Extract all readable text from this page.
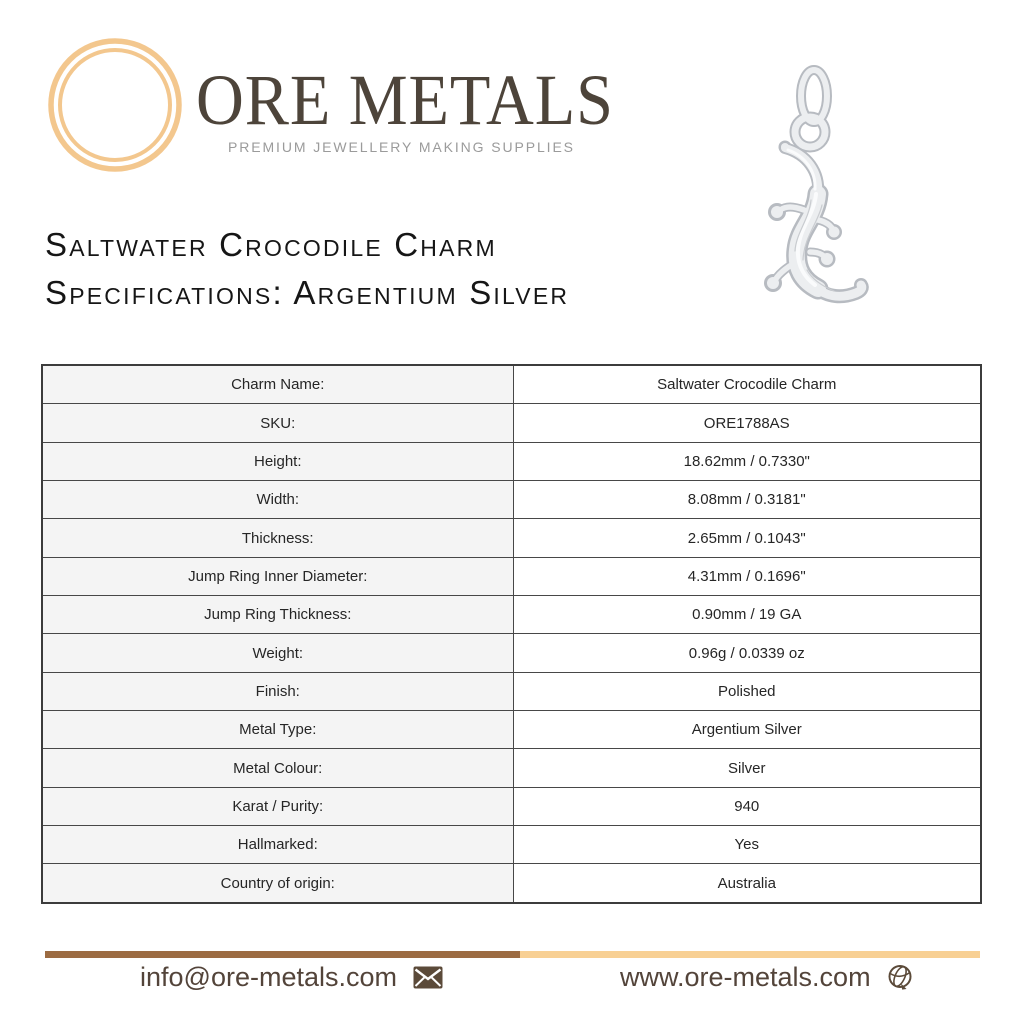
ORE METALS
PREMIUM JEWELLERY MAKING SUPPLIES
Saltwater Crocodile Charm
Specifications: Argentium Silver
Charm Name:	Saltwater Crocodile Charm
SKU:	ORE1788AS
Height:	18.62mm / 0.7330"
Width:	8.08mm / 0.3181"
Thickness:	2.65mm / 0.1043"
Jump Ring Inner Diameter:	4.31mm / 0.1696"
Jump Ring Thickness:	0.90mm / 19 GA
Weight:	0.96g / 0.0339 oz
Finish:	Polished
Metal Type:	Argentium Silver
Metal Colour:	Silver
Karat / Purity:	940
Hallmarked:	Yes
Country of origin:	Australia
info@ore-metals.com	www.ore-metals.com
